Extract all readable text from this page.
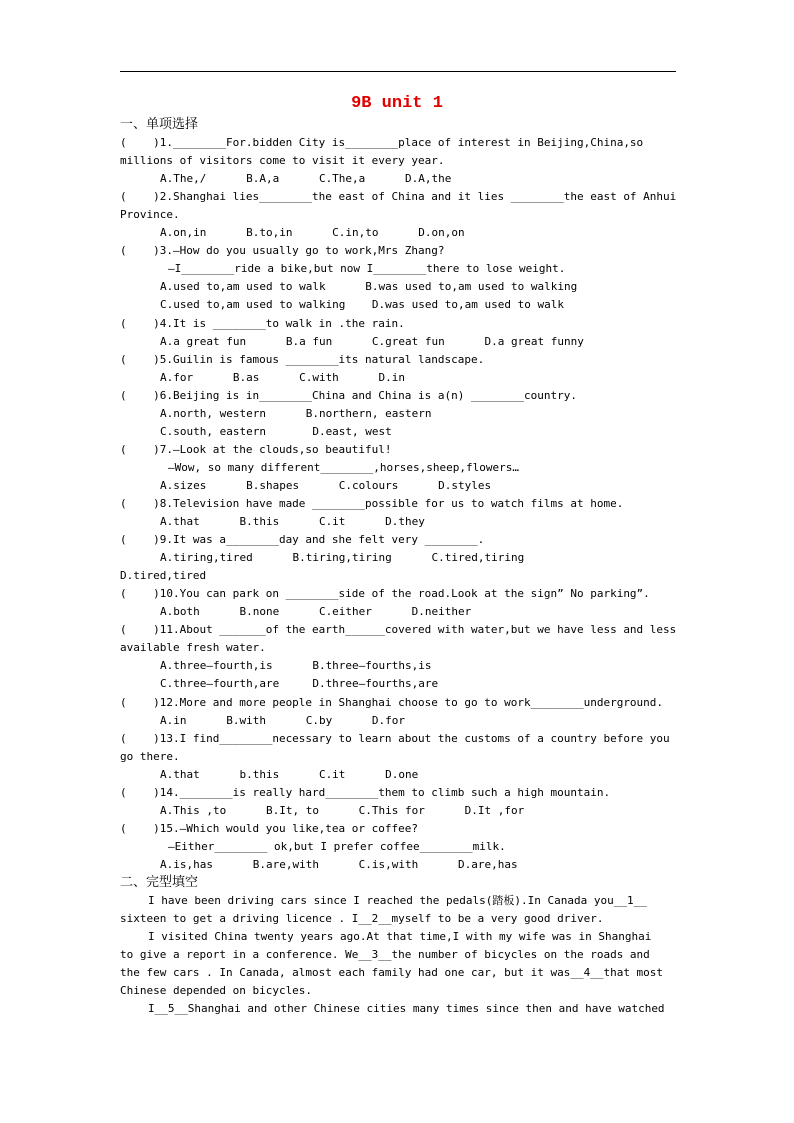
9B unit 1
一、单项选择
(    )1.________For.bidden City is________place of interest in Beijing,China,so
millions of visitors come to visit it every year.
A.The,/      B.A,a      C.The,a      D.A,the
(    )2.Shanghai lies________the east of China and it lies ________the east of Anhui
Province.
A.on,in      B.to,in      C.in,to      D.on,on
(    )3.—How do you usually go to work,Mrs Zhang?
—I________ride a bike,but now I________there to lose weight.
A.used to,am used to walk      B.was used to,am used to walking
C.used to,am used to walking    D.was used to,am used to walk
(    )4.It is ________to walk in .the rain.
A.a great fun      B.a fun      C.great fun      D.a great funny
(    )5.Guilin is famous ________its natural landscape.
A.for      B.as      C.with      D.in
(    )6.Beijing is in________China and China is a(n) ________country.
A.north, western      B.northern, eastern
C.south, eastern       D.east, west
(    )7.—Look at the clouds,so beautiful!
—Wow, so many different________,horses,sheep,flowers…
A.sizes      B.shapes      C.colours      D.styles
(    )8.Television have made ________possible for us to watch films at home.
A.that      B.this      C.it      D.they
(    )9.It was a________day and she felt very ________.
A.tiring,tired      B.tiring,tiring      C.tired,tiring
D.tired,tired
(    )10.You can park on ________side of the road.Look at the sign” No parking”.
A.both      B.none      C.either      D.neither
(    )11.About _______of the earth______covered with water,but we have less and less
available fresh water.
A.three—fourth,is      B.three—fourths,is
C.three—fourth,are     D.three—fourths,are
(    )12.More and more people in Shanghai choose to go to work________underground.
A.in      B.with      C.by      D.for
(    )13.I find________necessary to learn about the customs of a country before you
go there.
A.that      b.this      C.it      D.one
(    )14.________is really hard________them to climb such a high mountain.
A.This ,to      B.It, to      C.This for      D.It ,for
(    )15.—Which would you like,tea or coffee?
—Either________ ok,but I prefer coffee________milk.
A.is,has      B.are,with      C.is,with      D.are,has
二、完型填空
I have been driving cars since I reached the pedals(踏板).In Canada you__1__
sixteen to get a driving licence . I__2__myself to be a very good driver.
I visited China twenty years ago.At that time,I with my wife was in Shanghai
to give a report in a conference. We__3__the number of bicycles on the roads and
the few cars . In Canada, almost each family had one car, but it was__4__that most
Chinese depended on bicycles.
I__5__Shanghai and other Chinese cities many times since then and have watched
